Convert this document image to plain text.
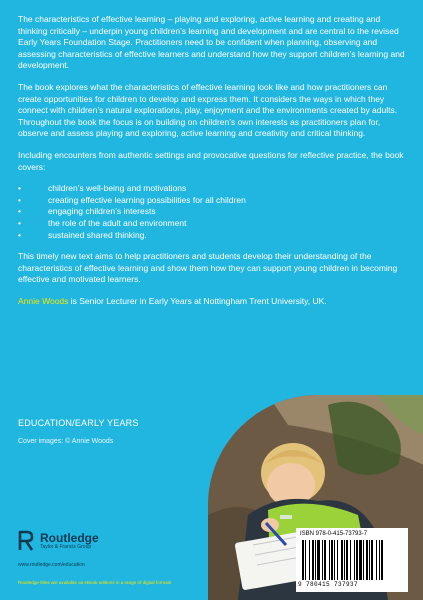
The characteristics of effective learning – playing and exploring, active learning and creating and thinking critically – underpin young children’s learning and development and are central to the revised Early Years Foundation Stage. Practitioners need to be confident when planning, observing and assessing characteristics of effective learners and understand how they support children’s learning and development.

The book explores what the characteristics of effective learning look like and how practitioners can create opportunities for children to develop and express them. It considers the ways in which they connect with children’s natural explorations, play, enjoyment and the environments created by adults. Throughout the book the focus is on building on children’s own interests as practitioners plan for, observe and assess playing and exploring, active learning and creativity and critical thinking.

Including encounters from authentic settings and provocative questions for reflective practice, the book covers:

• children’s well-being and motivations
• creating effective learning possibilities for all children
• engaging children’s interests
• the role of the adult and environment
• sustained shared thinking.

This timely new text aims to help practitioners and students develop their understanding of the characteristics of effective learning and show them how they can support young children in becoming effective and motivated learners.

Annie Woods is Senior Lecturer in Early Years at Nottingham Trent University, UK.

EDUCATION/EARLY YEARS
Cover images: © Annie Woods
Routledge
Taylor & Francis Group
www.routledge.com/education
Routledge titles are available as eBook editions in a range of digital formats
ISBN 978-0-415-73793-7
9 780415 737937
